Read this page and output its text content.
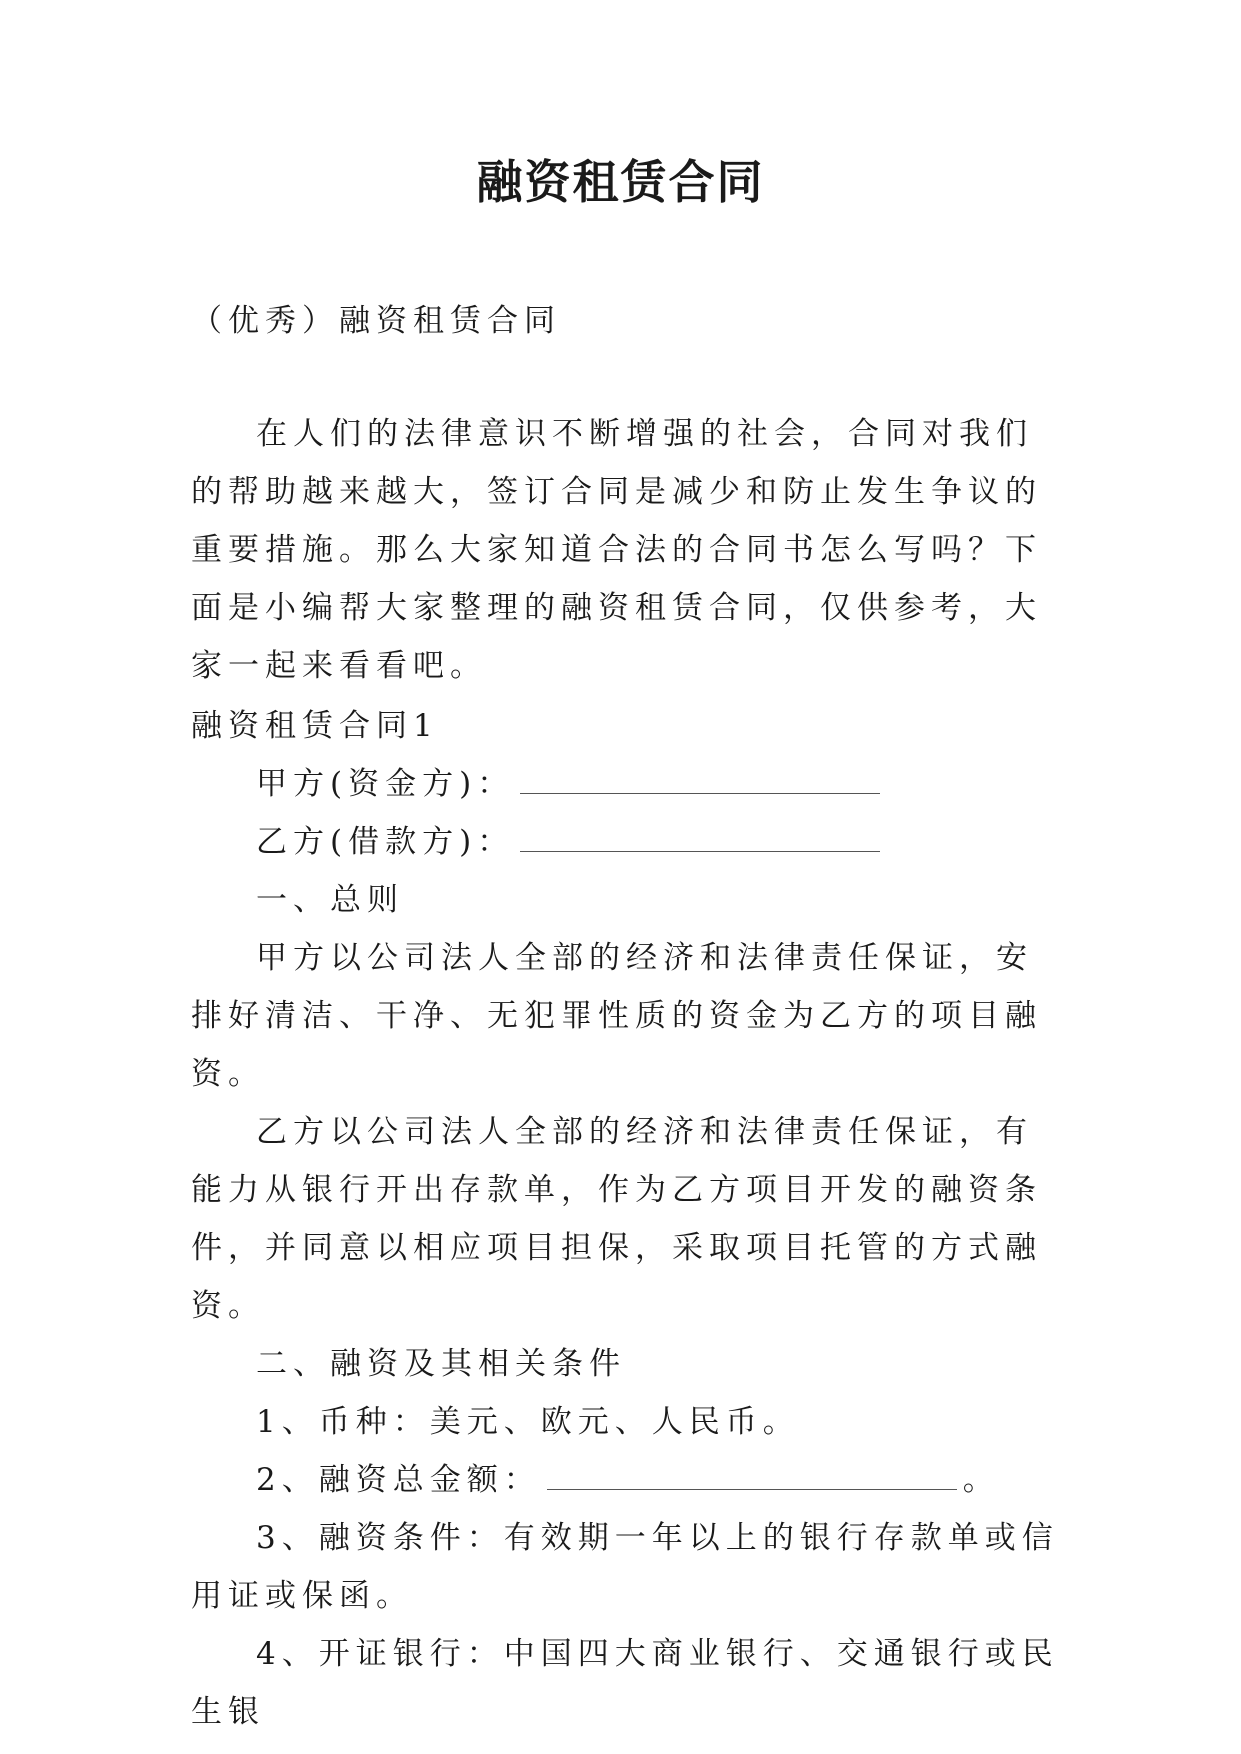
融资租赁合同

（优秀）融资租赁合同

在人们的法律意识不断增强的社会，合同对我们的帮助越来越大，签订合同是减少和防止发生争议的重要措施。那么大家知道合法的合同书怎么写吗？下面是小编帮大家整理的融资租赁合同，仅供参考，大家一起来看看吧。

融资租赁合同1

甲方(资金方)：

乙方(借款方)：

一、总则

甲方以公司法人全部的经济和法律责任保证，安排好清洁、干净、无犯罪性质的资金为乙方的项目融资。

乙方以公司法人全部的经济和法律责任保证，有能力从银行开出存款单，作为乙方项目开发的融资条件，并同意以相应项目担保，采取项目托管的方式融资。

二、融资及其相关条件

1、币种：美元、欧元、人民币。

2、融资总金额：	。

3、融资条件：有效期一年以上的银行存款单或信用证或保函。

4、开证银行：中国四大商业银行、交通银行或民生银
